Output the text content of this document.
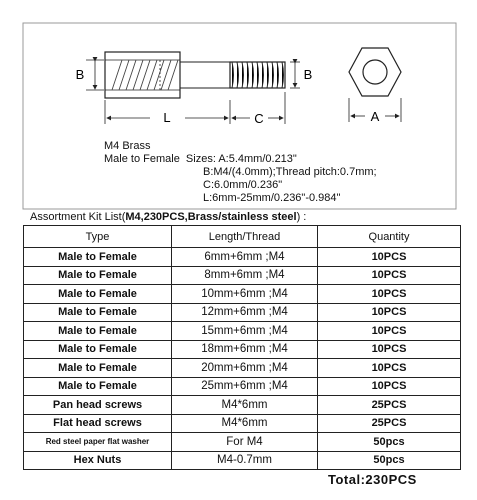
B	B
L	C	A
M4 Brass
Male to Female  Sizes: A:5.4mm/0.213"
B:M4/(4.0mm);Thread pitch:0.7mm;
C:6.0mm/0.236"
L:6mm-25mm/0.236"-0.984"
Assortment Kit List(M4,230PCS,Brass/stainless steel) :
Type	Length/Thread	Quantity
Male to Female	6mm+6mm ;M4	10PCS
Male to Female	8mm+6mm ;M4	10PCS
Male to Female	10mm+6mm ;M4	10PCS
Male to Female	12mm+6mm ;M4	10PCS
Male to Female	15mm+6mm ;M4	10PCS
Male to Female	18mm+6mm ;M4	10PCS
Male to Female	20mm+6mm ;M4	10PCS
Male to Female	25mm+6mm ;M4	10PCS
Pan head screws	M4*6mm	25PCS
Flat head screws	M4*6mm	25PCS
Red steel paper flat washer	For M4	50pcs
Hex Nuts	M4-0.7mm	50pcs
Total:230PCS
